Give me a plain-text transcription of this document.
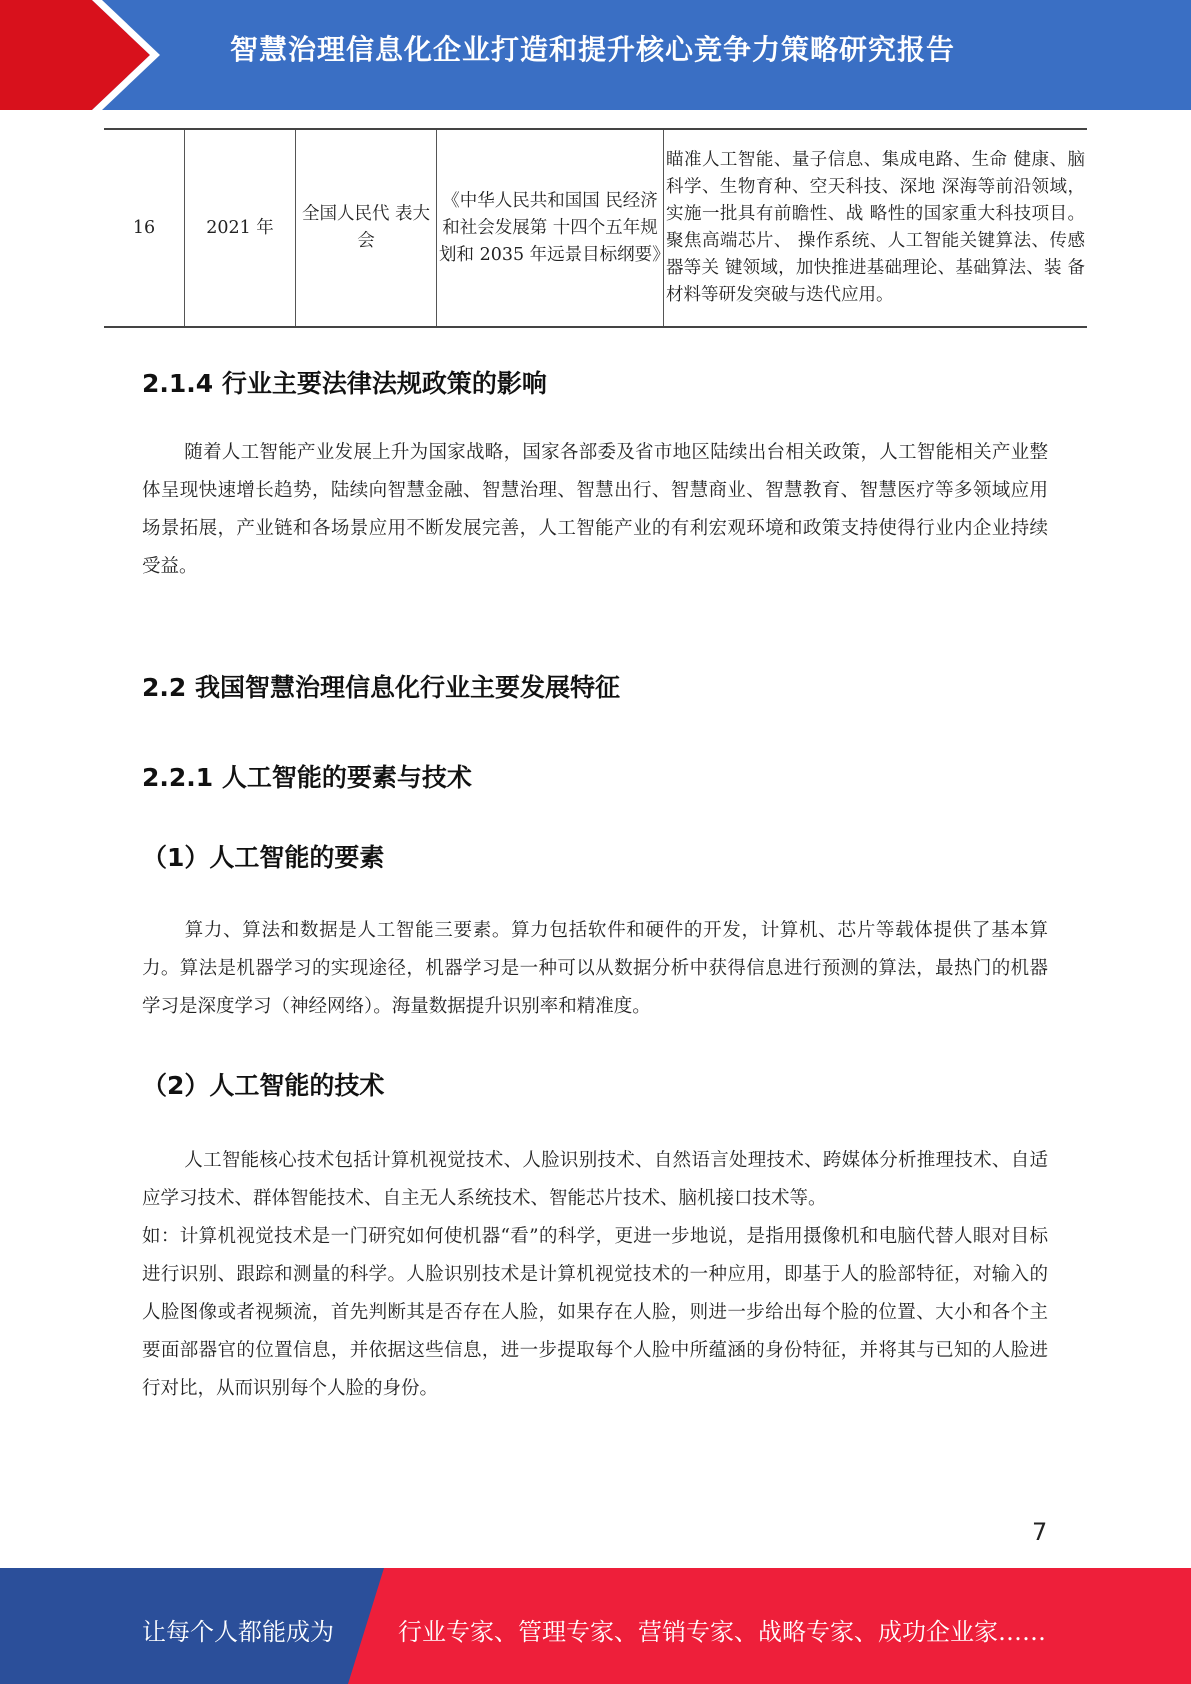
智慧治理信息化企业打造和提升核心竞争力策略研究报告
16	2021 年	全国人民代 表大会	《中华人民共和国国 民经济和社会发展第 十四个五年规划和 2035 年远景目标纲要》	瞄准人工智能、量子信息、集成电路、生命 健康、脑科学、生物育种、空天科技、深地 深海等前沿领域，实施一批具有前瞻性、战 略性的国家重大科技项目。聚焦高端芯片、 操作系统、人工智能关键算法、传感器等关 键领域，加快推进基础理论、基础算法、装 备材料等研发突破与迭代应用。
2.1.4 行业主要法律法规政策的影响
随着人工智能产业发展上升为国家战略，国家各部委及省市地区陆续出台相关政策，人工智能相关产业整体呈现快速增长趋势，陆续向智慧金融、智慧治理、智慧出行、智慧商业、智慧教育、智慧医疗等多领域应用场景拓展，产业链和各场景应用不断发展完善，人工智能产业的有利宏观环境和政策支持使得行业内企业持续受益。
2.2 我国智慧治理信息化行业主要发展特征
2.2.1 人工智能的要素与技术
（1）人工智能的要素
算力、算法和数据是人工智能三要素。算力包括软件和硬件的开发，计算机、芯片等载体提供了基本算力。算法是机器学习的实现途径，机器学习是一种可以从数据分析中获得信息进行预测的算法，最热门的机器学习是深度学习（神经网络）。海量数据提升识别率和精准度。
（2）人工智能的技术
人工智能核心技术包括计算机视觉技术、人脸识别技术、自然语言处理技术、跨媒体分析推理技术、自适应学习技术、群体智能技术、自主无人系统技术、智能芯片技术、脑机接口技术等。
如：计算机视觉技术是一门研究如何使机器“看”的科学，更进一步地说，是指用摄像机和电脑代替人眼对目标进行识别、跟踪和测量的科学。人脸识别技术是计算机视觉技术的一种应用，即基于人的脸部特征，对输入的人脸图像或者视频流，首先判断其是否存在人脸，如果存在人脸，则进一步给出每个脸的位置、大小和各个主要面部器官的位置信息，并依据这些信息，进一步提取每个人脸中所蕴涵的身份特征，并将其与已知的人脸进行对比，从而识别每个人脸的身份。
7
让每个人都能成为	行业专家、管理专家、营销专家、战略专家、成功企业家……
